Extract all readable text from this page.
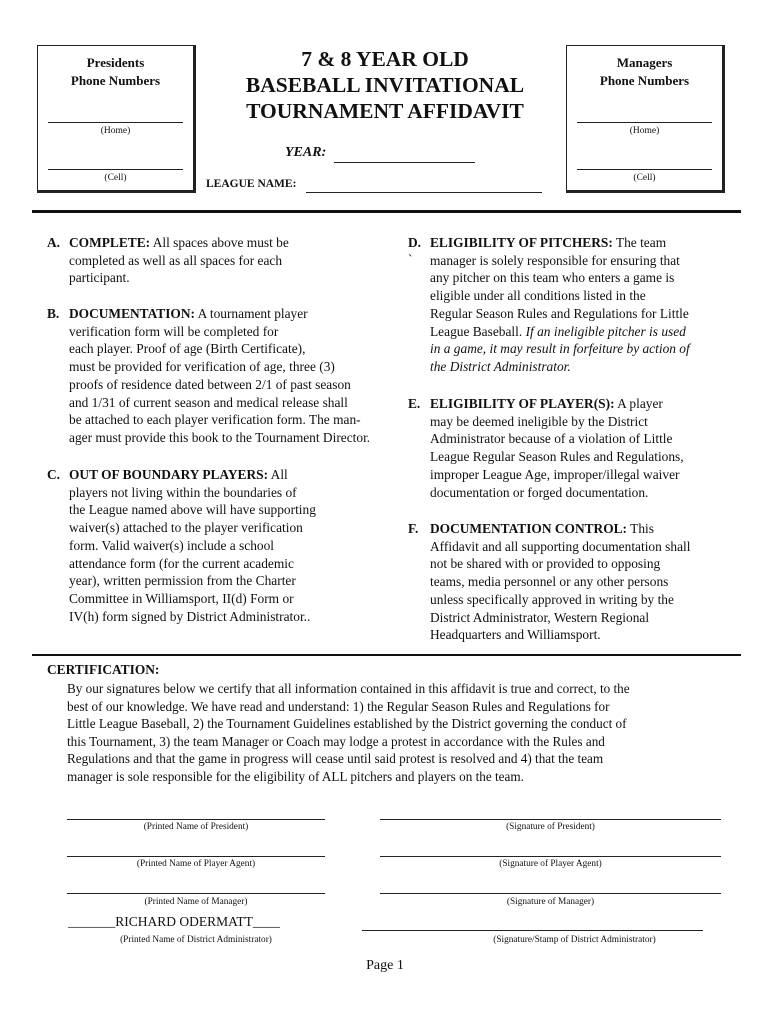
Presidents
Phone Numbers
(Home)
(Cell)
Managers
Phone Numbers
(Home)
(Cell)
7 & 8 YEAR OLD
BASEBALL INVITATIONAL
TOURNAMENT AFFIDAVIT
YEAR:
LEAGUE NAME:
A. COMPLETE: All spaces above must be
completed as well as all spaces for each
participant.
B. DOCUMENTATION: A tournament player
verification form will be completed for
each player. Proof of age (Birth Certificate),
must be provided for verification of age, three (3)
proofs of residence dated between 2/1 of past season
and 1/31 of current season and medical release shall
be attached to each player verification form. The man-
ager must provide this book to the Tournament Director.
C. OUT OF BOUNDARY PLAYERS: All
players not living within the boundaries of
the League named above will have supporting
waiver(s) attached to the player verification
form. Valid waiver(s) include a school
attendance form (for the current academic
year), written permission from the Charter
Committee in Williamsport, II(d) Form or
IV(h) form signed by District Administrator..
D.
`
ELIGIBILITY OF PITCHERS: The team
manager is solely responsible for ensuring that
any pitcher on this team who enters a game is
eligible under all conditions listed in the
Regular Season Rules and Regulations for Little
League Baseball. If an ineligible pitcher is used
in a game, it may result in forfeiture by action of
the District Administrator.
E. ELIGIBILITY OF PLAYER(S): A player
may be deemed ineligible by the District
Administrator because of a violation of Little
League Regular Season Rules and Regulations,
improper League Age, improper/illegal waiver
documentation or forged documentation.
F. DOCUMENTATION CONTROL: This
Affidavit and all supporting documentation shall
not be shared with or provided to opposing
teams, media personnel or any other persons
unless specifically approved in writing by the
District Administrator, Western Regional
Headquarters and Williamsport.
CERTIFICATION:
By our signatures below we certify that all information contained in this affidavit is true and correct, to the
best of our knowledge. We have read and understand: 1) the Regular Season Rules and Regulations for
Little League Baseball, 2) the Tournament Guidelines established by the District governing the conduct of
this Tournament, 3) the team Manager or Coach may lodge a protest in accordance with the Rules and
Regulations and that the game in progress will cease until said protest is resolved and 4) that the team
manager is sole responsible for the eligibility of ALL pitchers and players on the team.
(Printed Name of President)	(Signature of President)
(Printed Name of Player Agent)	(Signature of Player Agent)
(Printed Name of Manager)	(Signature of Manager)
_______RICHARD ODERMATT____
(Printed Name of District Administrator)	(Signature/Stamp of District Administrator)
Page 1
